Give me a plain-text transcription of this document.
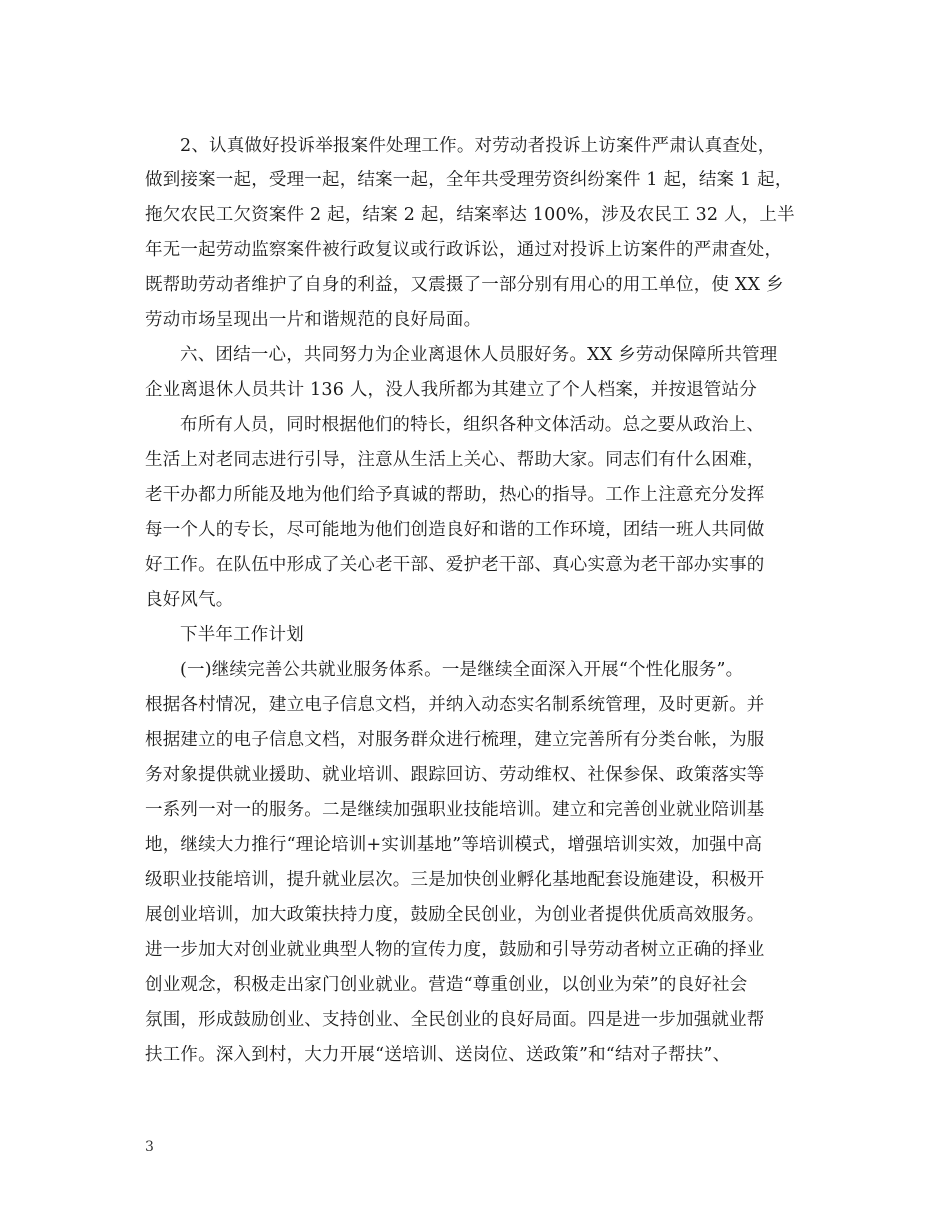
2、认真做好投诉举报案件处理工作。对劳动者投诉上访案件严肃认真查处，
做到接案一起，受理一起，结案一起，全年共受理劳资纠纷案件 1 起，结案 1 起，
拖欠农民工欠资案件 2 起，结案 2 起，结案率达 100%，涉及农民工 32 人，上半
年无一起劳动监察案件被行政复议或行政诉讼，通过对投诉上访案件的严肃查处，
既帮助劳动者维护了自身的利益，又震摄了一部分别有用心的用工单位，使 XX 乡
劳动市场呈现出一片和谐规范的良好局面。
六、团结一心，共同努力为企业离退休人员服好务。XX 乡劳动保障所共管理
企业离退休人员共计 136 人，没人我所都为其建立了个人档案，并按退管站分
布所有人员，同时根据他们的特长，组织各种文体活动。总之要从政治上、
生活上对老同志进行引导，注意从生活上关心、帮助大家。同志们有什么困难，
老干办都力所能及地为他们给予真诚的帮助，热心的指导。工作上注意充分发挥
每一个人的专长，尽可能地为他们创造良好和谐的工作环境，团结一班人共同做
好工作。在队伍中形成了关心老干部、爱护老干部、真心实意为老干部办实事的
良好风气。
下半年工作计划
(一)继续完善公共就业服务体系。一是继续全面深入开展“个性化服务”。
根据各村情况，建立电子信息文档，并纳入动态实名制系统管理，及时更新。并
根据建立的电子信息文档，对服务群众进行梳理，建立完善所有分类台帐，为服
务对象提供就业援助、就业培训、跟踪回访、劳动维权、社保参保、政策落实等
一系列一对一的服务。二是继续加强职业技能培训。建立和完善创业就业陪训基
地，继续大力推行“理论培训+实训基地”等培训模式，增强培训实效，加强中高
级职业技能培训，提升就业层次。三是加快创业孵化基地配套设施建设，积极开
展创业培训，加大政策扶持力度，鼓励全民创业，为创业者提供优质高效服务。
进一步加大对创业就业典型人物的宣传力度，鼓励和引导劳动者树立正确的择业
创业观念，积极走出家门创业就业。营造“尊重创业，以创业为荣”的良好社会
氛围，形成鼓励创业、支持创业、全民创业的良好局面。四是进一步加强就业帮
扶工作。深入到村，大力开展“送培训、送岗位、送政策”和“结对子帮扶”、
3
